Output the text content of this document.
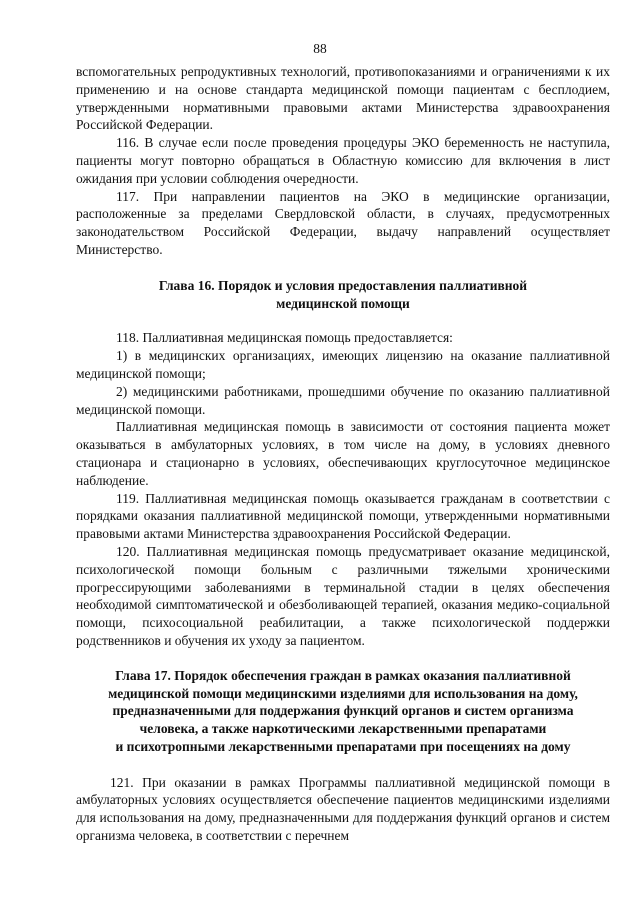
88

вспомогательных репродуктивных технологий, противопоказаниями и ограничениями к их применению и на основе стандарта медицинской помощи пациентам с бесплодием, утвержденными нормативными правовыми актами Министерства здравоохранения Российской Федерации.

116. В случае если после проведения процедуры ЭКО беременность не наступила, пациенты могут повторно обращаться в Областную комиссию для включения в лист ожидания при условии соблюдения очередности.

117. При направлении пациентов на ЭКО в медицинские организации, расположенные за пределами Свердловской области, в случаях, предусмотренных законодательством Российской Федерации, выдачу направлений осуществляет Министерство.

Глава 16. Порядок и условия предоставления паллиативной
медицинской помощи

118. Паллиативная медицинская помощь предоставляется:

1) в медицинских организациях, имеющих лицензию на оказание паллиативной медицинской помощи;

2) медицинскими работниками, прошедшими обучение по оказанию паллиативной медицинской помощи.

Паллиативная медицинская помощь в зависимости от состояния пациента может оказываться в амбулаторных условиях, в том числе на дому, в условиях дневного стационара и стационарно в условиях, обеспечивающих круглосуточное медицинское наблюдение.

119. Паллиативная медицинская помощь оказывается гражданам в соответствии с порядками оказания паллиативной медицинской помощи, утвержденными нормативными правовыми актами Министерства здравоохранения Российской Федерации.

120. Паллиативная медицинская помощь предусматривает оказание медицинской, психологической помощи больным с различными тяжелыми хроническими прогрессирующими заболеваниями в терминальной стадии в целях обеспечения необходимой симптоматической и обезболивающей терапией, оказания медико-социальной помощи, психосоциальной реабилитации, а также психологической поддержки родственников и обучения их уходу за пациентом.

Глава 17. Порядок обеспечения граждан в рамках оказания паллиативной
медицинской помощи медицинскими изделиями для использования на дому,
предназначенными для поддержания функций органов и систем организма
человека, а также наркотическими лекарственными препаратами
и психотропными лекарственными препаратами при посещениях на дому

121. При оказании в рамках Программы паллиативной медицинской помощи в амбулаторных условиях осуществляется обеспечение пациентов медицинскими изделиями для использования на дому, предназначенными для поддержания функций органов и систем организма человека, в соответствии с перечнем
